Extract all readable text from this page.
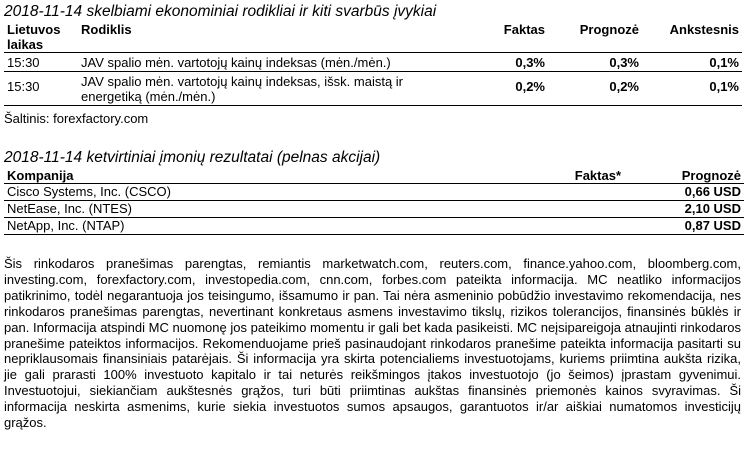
2018-11-14 skelbiami ekonominiai rodikliai ir kiti svarbūs įvykiai
Lietuvos laikas	Rodiklis	Faktas	Prognozė	Ankstesnis
15:30	JAV spalio mėn. vartotojų kainų indeksas (mėn./mėn.)	0,3%	0,3%	0,1%
15:30	JAV spalio mėn. vartotojų kainų indeksas, išsk. maistą ir energetiką (mėn./mėn.)	0,2%	0,2%	0,1%
Šaltinis: forexfactory.com
2018-11-14 ketvirtiniai įmonių rezultatai (pelnas akcijai)
Kompanija	Faktas*	Prognozė
Cisco Systems, Inc. (CSCO)		0,66 USD
NetEase, Inc. (NTES)		2,10 USD
NetApp, Inc. (NTAP)		0,87 USD

Šis rinkodaros pranešimas parengtas, remiantis marketwatch.com, reuters.com, finance.yahoo.com, bloomberg.com, investing.com, forexfactory.com, investopedia.com, cnn.com, forbes.com pateikta informacija. MC neatliko informacijos patikrinimo, todėl negarantuoja jos teisingumo, išsamumo ir pan. Tai nėra asmeninio pobūdžio investavimo rekomendacija, nes rinkodaros pranešimas parengtas, nevertinant konkretaus asmens investavimo tikslų, rizikos tolerancijos, finansinės būklės ir pan. Informacija atspindi MC nuomonę jos pateikimo momentu ir gali bet kada pasikeisti. MC neįsipareigoja atnaujinti rinkodaros pranešime pateiktos informacijos. Rekomenduojame prieš pasinaudojant rinkodaros pranešime pateikta informacija pasitarti su nepriklausomais finansiniais patarėjais. Ši informacija yra skirta potencialiems investuotojams, kuriems priimtina aukšta rizika, jie gali prarasti 100% investuoto kapitalo ir tai neturės reikšmingos įtakos investuotojo (jo šeimos) įprastam gyvenimui. Investuotojui, siekiančiam aukštesnės grąžos, turi būti priimtinas aukštas finansinės priemonės kainos svyravimas. Ši informacija neskirta asmenims, kurie siekia investuotos sumos apsaugos, garantuotos ir/ar aiškiai numatomos investicijų grąžos.
